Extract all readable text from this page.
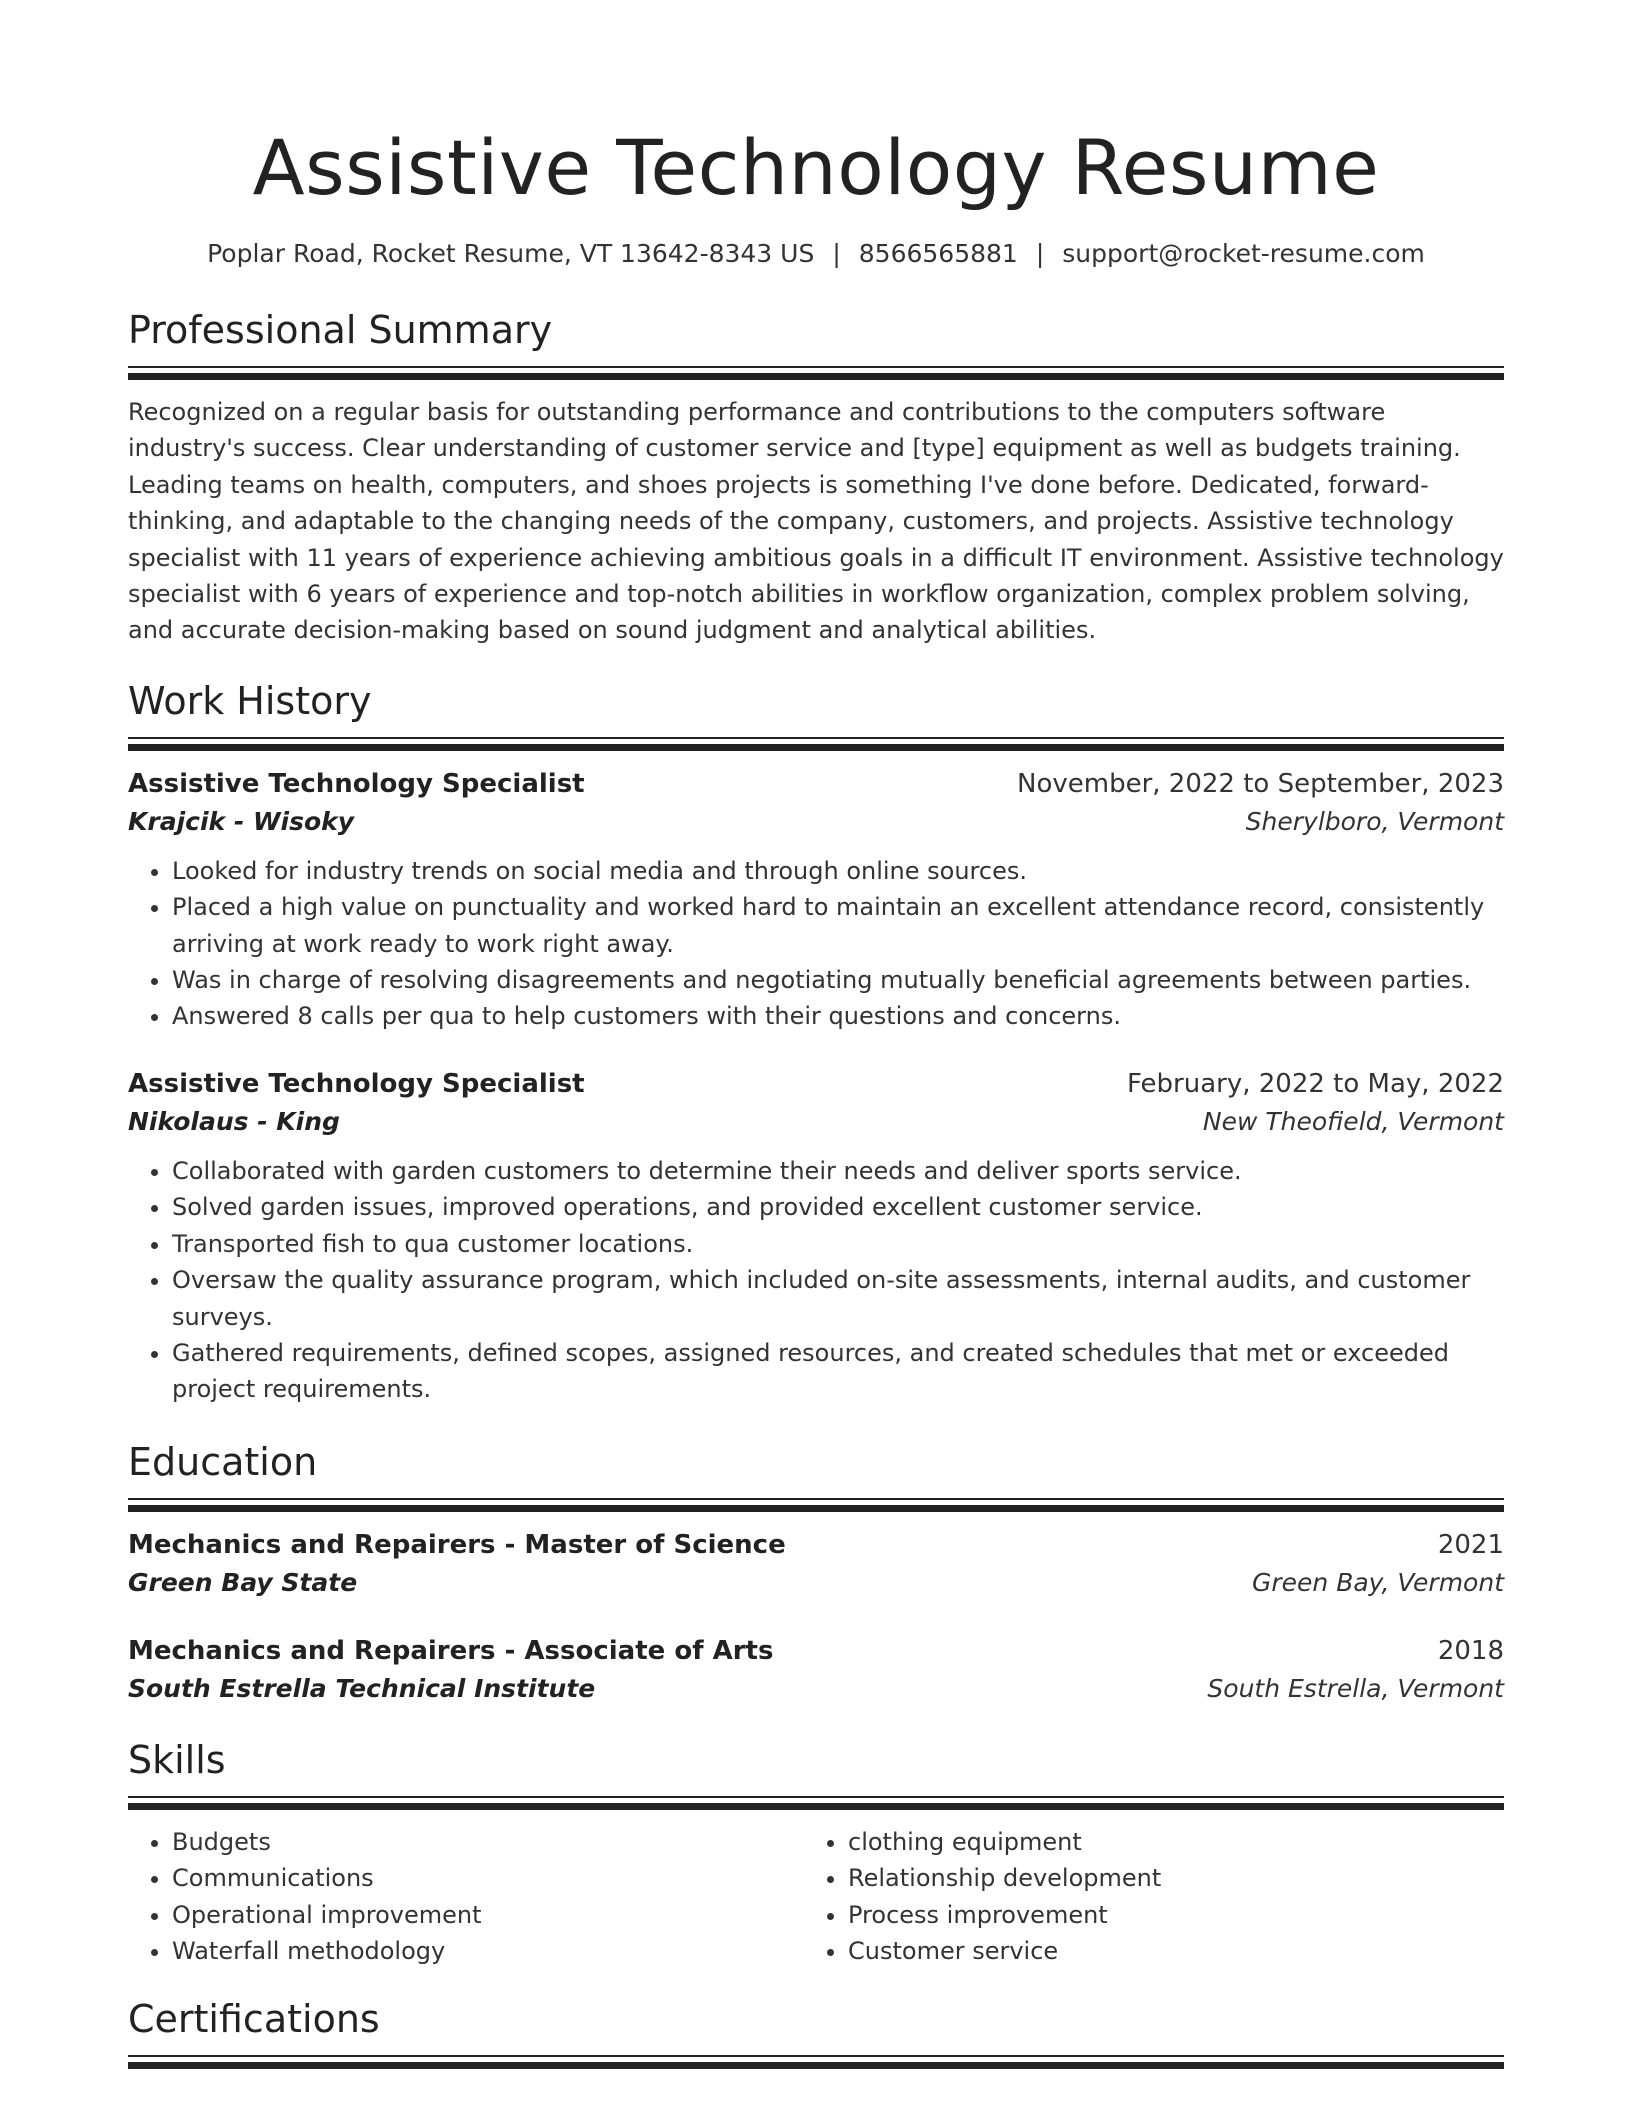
Assistive Technology Resume
Poplar Road, Rocket Resume, VT 13642-8343 US | 8566565881 | support@rocket-resume.com
Professional Summary
Recognized on a regular basis for outstanding performance and contributions to the computers software industry's success. Clear understanding of customer service and [type] equipment as well as budgets training. Leading teams on health, computers, and shoes projects is something I've done before. Dedicated, forward-thinking, and adaptable to the changing needs of the company, customers, and projects. Assistive technology specialist with 11 years of experience achieving ambitious goals in a difficult IT environment. Assistive technology specialist with 6 years of experience and top-notch abilities in workflow organization, complex problem solving, and accurate decision-making based on sound judgment and analytical abilities.
Work History
Assistive Technology Specialist	November, 2022 to September, 2023
Krajcik - Wisoky	Sherylboro, Vermont
• Looked for industry trends on social media and through online sources.
• Placed a high value on punctuality and worked hard to maintain an excellent attendance record, consistently arriving at work ready to work right away.
• Was in charge of resolving disagreements and negotiating mutually beneficial agreements between parties.
• Answered 8 calls per qua to help customers with their questions and concerns.
Assistive Technology Specialist	February, 2022 to May, 2022
Nikolaus - King	New Theofield, Vermont
• Collaborated with garden customers to determine their needs and deliver sports service.
• Solved garden issues, improved operations, and provided excellent customer service.
• Transported fish to qua customer locations.
• Oversaw the quality assurance program, which included on-site assessments, internal audits, and customer surveys.
• Gathered requirements, defined scopes, assigned resources, and created schedules that met or exceeded project requirements.
Education
Mechanics and Repairers - Master of Science	2021
Green Bay State	Green Bay, Vermont
Mechanics and Repairers - Associate of Arts	2018
South Estrella Technical Institute	South Estrella, Vermont
Skills
• Budgets
• Communications
• Operational improvement
• Waterfall methodology
• clothing equipment
• Relationship development
• Process improvement
• Customer service
Certifications
